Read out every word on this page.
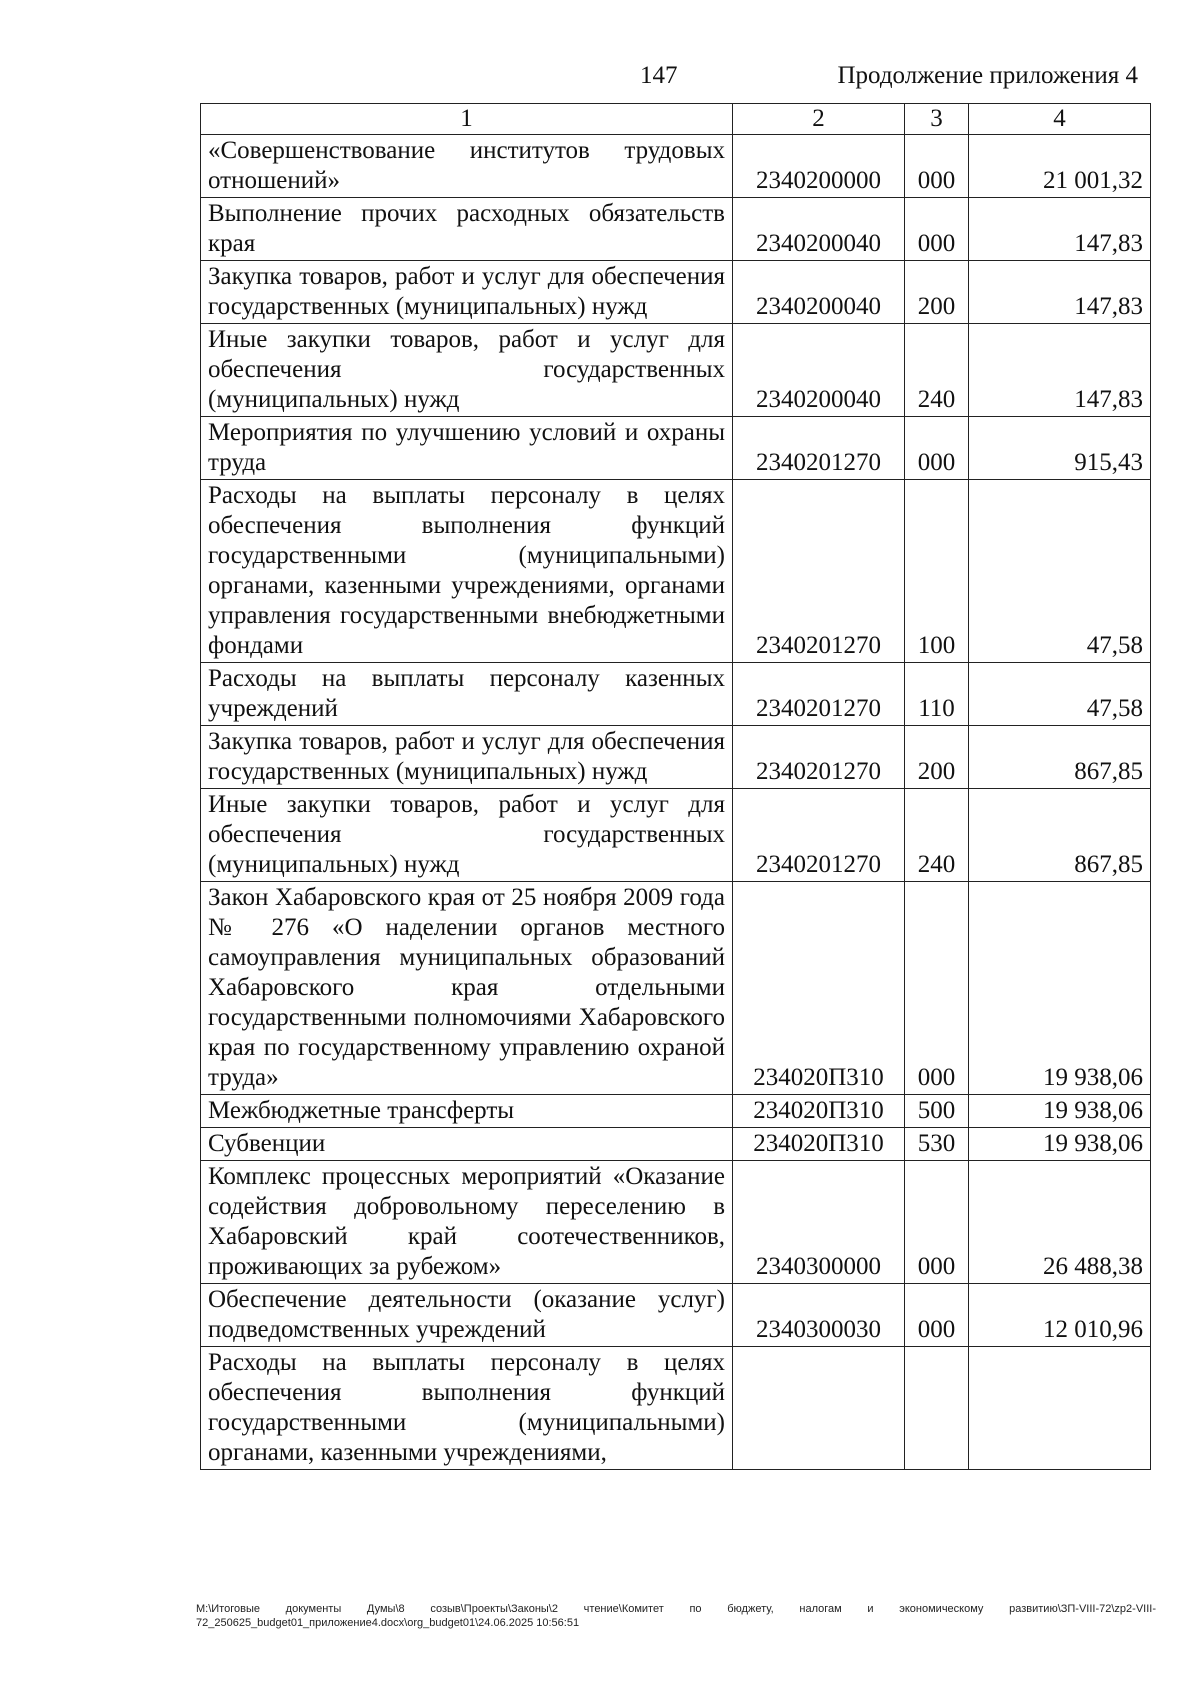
147	Продолжение приложения 4
1	2	3	4
«Совершенствование институтов трудовых отношений»	2340200000	000	21 001,32
Выполнение прочих расходных обязательств края	2340200040	000	147,83
Закупка товаров, работ и услуг для обеспечения государственных (муниципальных) нужд	2340200040	200	147,83
Иные закупки товаров, работ и услуг для обеспечения государственных (муниципальных) нужд	2340200040	240	147,83
Мероприятия по улучшению условий и охраны труда	2340201270	000	915,43
Расходы на выплаты персоналу в целях обеспечения выполнения функций государственными (муниципальными) органами, казенными учреждениями, органами управления государственными внебюджетными фондами	2340201270	100	47,58
Расходы на выплаты персоналу казенных учреждений	2340201270	110	47,58
Закупка товаров, работ и услуг для обеспечения государственных (муниципальных) нужд	2340201270	200	867,85
Иные закупки товаров, работ и услуг для обеспечения государственных (муниципальных) нужд	2340201270	240	867,85
Закон Хабаровского края от 25 ноября 2009 года № 276 «О наделении органов местного самоуправления муниципальных образований Хабаровского края отдельными государственными полномочиями Хабаровского края по государственному управлению охраной труда»	234020П310	000	19 938,06
Межбюджетные трансферты	234020П310	500	19 938,06
Субвенции	234020П310	530	19 938,06
Комплекс процессных мероприятий «Оказание содействия добровольному переселению в Хабаровский край соотечественников, проживающих за рубежом»	2340300000	000	26 488,38
Обеспечение деятельности (оказание услуг) подведомственных учреждений	2340300030	000	12 010,96
Расходы на выплаты персоналу в целях обеспечения выполнения функций государственными (муниципальными) органами, казенными учреждениями,			
M:\Итоговые документы Думы\8 созыв\Проекты\Законы\2 чтение\Комитет по бюджету, налогам и экономическому развитию\ЗП-VIII-72\zp2-VIII-72_250625_budget01_приложение4.docx\org_budget01\24.06.2025 10:56:51
